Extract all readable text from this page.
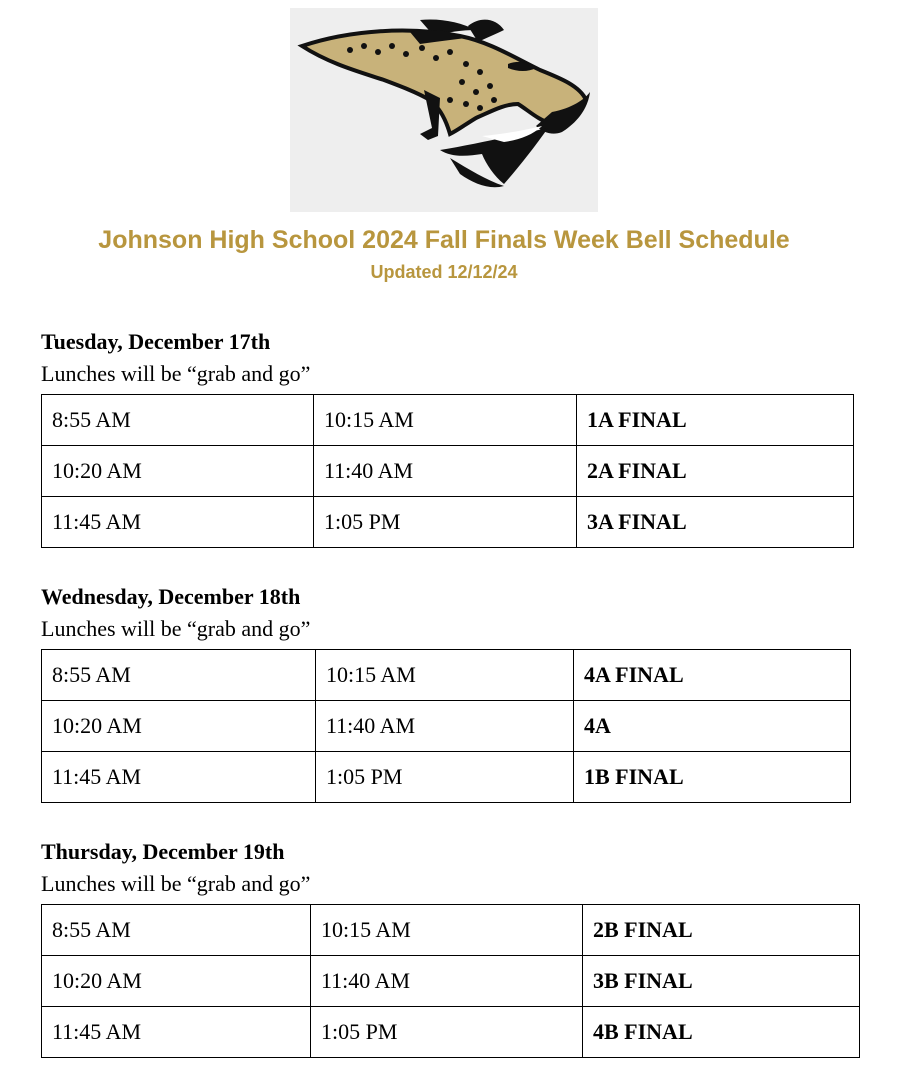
Johnson High School 2024 Fall Finals Week Bell Schedule

Updated 12/12/24

Tuesday, December 17th

Lunches will be “grab and go”

8:55 AM	10:15 AM	1A FINAL
10:20 AM	11:40 AM	2A FINAL
11:45 AM	1:05 PM	3A FINAL

Wednesday, December 18th

Lunches will be “grab and go”

8:55 AM	10:15 AM	4A FINAL
10:20 AM	11:40 AM	4A
11:45 AM	1:05 PM	1B FINAL

Thursday, December 19th

Lunches will be “grab and go”

8:55 AM	10:15 AM	2B FINAL
10:20 AM	11:40 AM	3B FINAL
11:45 AM	1:05 PM	4B FINAL
